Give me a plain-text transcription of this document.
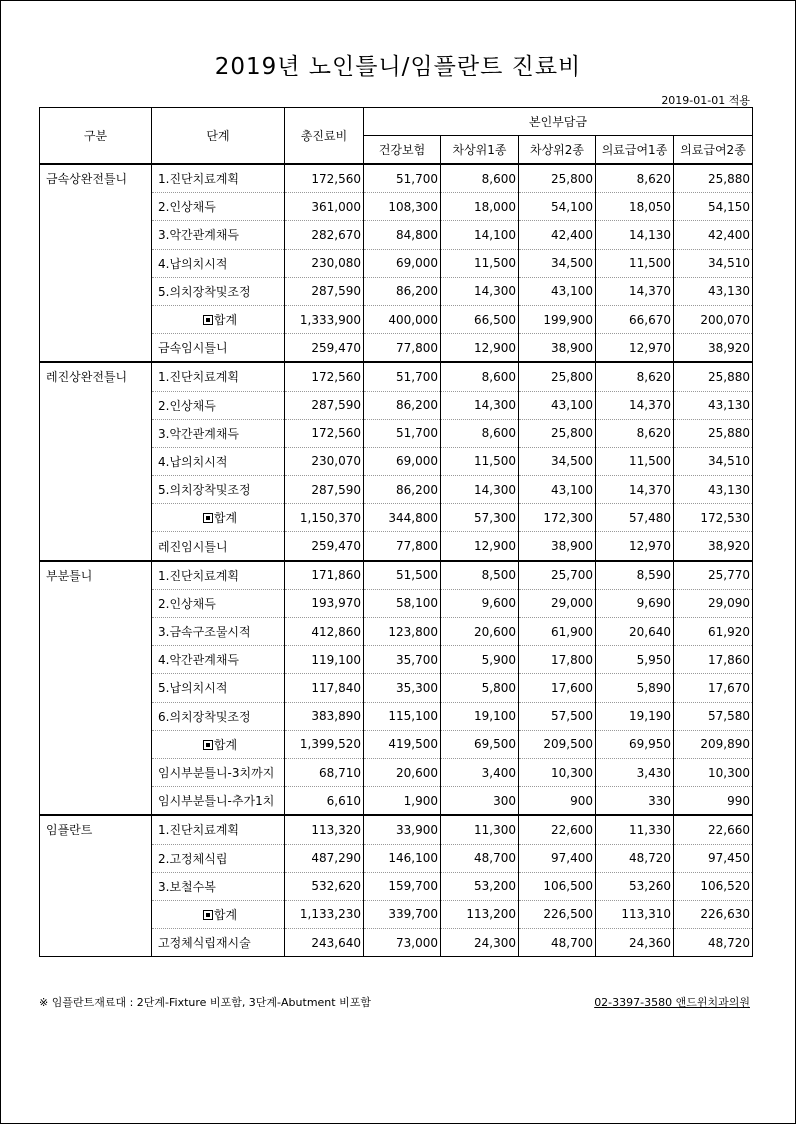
2019년 노인틀니/임플란트 진료비
2019-01-01 적용
구분	단계	총진료비	본인부담금				
			건강보험	차상위1종	차상위2종	의료급여1종	의료급여2종
금속상완전틀니	1.진단치료계획	172,560	51,700	8,600	25,800	8,620	25,880
	2.인상채득	361,000	108,300	18,000	54,100	18,050	54,150
	3.악간관계채득	282,670	84,800	14,100	42,400	14,130	42,400
	4.납의치시적	230,080	69,000	11,500	34,500	11,500	34,510
	5.의치장착및조정	287,590	86,200	14,300	43,100	14,370	43,130
	합계	1,333,900	400,000	66,500	199,900	66,670	200,070
	금속임시틀니	259,470	77,800	12,900	38,900	12,970	38,920
레진상완전틀니	1.진단치료계획	172,560	51,700	8,600	25,800	8,620	25,880
	2.인상채득	287,590	86,200	14,300	43,100	14,370	43,130
	3.악간관계채득	172,560	51,700	8,600	25,800	8,620	25,880
	4.납의치시적	230,070	69,000	11,500	34,500	11,500	34,510
	5.의치장착및조정	287,590	86,200	14,300	43,100	14,370	43,130
	합계	1,150,370	344,800	57,300	172,300	57,480	172,530
	레진임시틀니	259,470	77,800	12,900	38,900	12,970	38,920
부분틀니	1.진단치료계획	171,860	51,500	8,500	25,700	8,590	25,770
	2.인상채득	193,970	58,100	9,600	29,000	9,690	29,090
	3.금속구조물시적	412,860	123,800	20,600	61,900	20,640	61,920
	4.악간관계채득	119,100	35,700	5,900	17,800	5,950	17,860
	5.납의치시적	117,840	35,300	5,800	17,600	5,890	17,670
	6.의치장착및조정	383,890	115,100	19,100	57,500	19,190	57,580
	합계	1,399,520	419,500	69,500	209,500	69,950	209,890
	임시부분틀니-3치까지	68,710	20,600	3,400	10,300	3,430	10,300
	임시부분틀니-추가1치	6,610	1,900	300	900	330	990
임플란트	1.진단치료계획	113,320	33,900	11,300	22,600	11,330	22,660
	2.고정체식립	487,290	146,100	48,700	97,400	48,720	97,450
	3.보철수복	532,620	159,700	53,200	106,500	53,260	106,520
	합계	1,133,230	339,700	113,200	226,500	113,310	226,630
	고정체식립재시술	243,640	73,000	24,300	48,700	24,360	48,720
※ 임플란트재료대 : 2단계-Fixture 비포함, 3단계-Abutment 비포함	02-3397-3580 앤드윈치과의원
